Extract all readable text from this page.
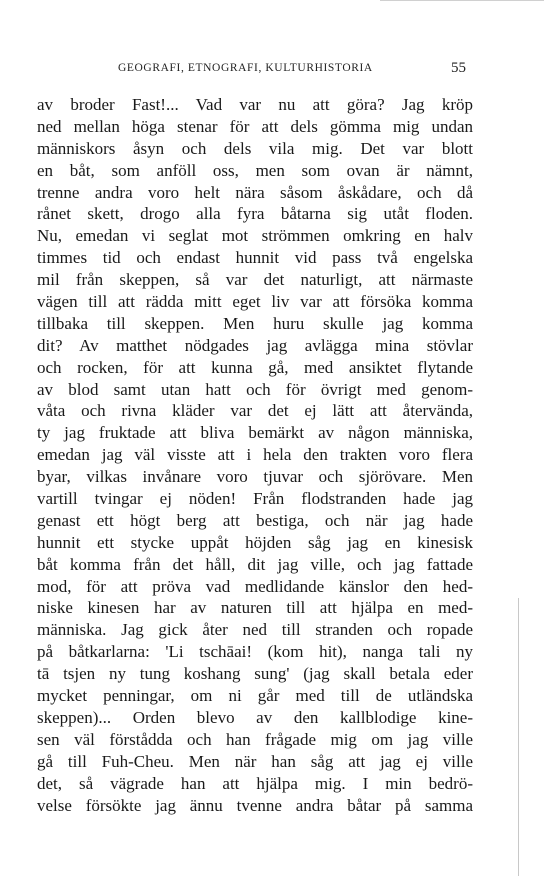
GEOGRAFI, ETNOGRAFI, KULTURHISTORIA	55
av broder Fast!... Vad var nu att göra? Jag kröp
ned mellan höga stenar för att dels gömma mig undan
människors åsyn och dels vila mig. Det var blott
en båt, som anföll oss, men som ovan är nämnt,
trenne andra voro helt nära såsom åskådare, och då
rånet skett, drogo alla fyra båtarna sig utåt floden.
Nu, emedan vi seglat mot strömmen omkring en halv
timmes tid och endast hunnit vid pass två engelska
mil från skeppen, så var det naturligt, att närmaste
vägen till att rädda mitt eget liv var att försöka komma
tillbaka till skeppen. Men huru skulle jag komma
dit? Av matthet nödgades jag avlägga mina stövlar
och rocken, för att kunna gå, med ansiktet flytande
av blod samt utan hatt och för övrigt med genom-
våta och rivna kläder var det ej lätt att återvända,
ty jag fruktade att bliva bemärkt av någon människa,
emedan jag väl visste att i hela den trakten voro flera
byar, vilkas invånare voro tjuvar och sjörövare. Men
vartill tvingar ej nöden! Från flodstranden hade jag
genast ett högt berg att bestiga, och när jag hade
hunnit ett stycke uppåt höjden såg jag en kinesisk
båt komma från det håll, dit jag ville, och jag fattade
mod, för att pröva vad medlidande känslor den hed-
niske kinesen har av naturen till att hjälpa en med-
människa. Jag gick åter ned till stranden och ropade
på båtkarlarna: 'Li tschāai! (kom hit), nanga tali ny
tā tsjen ny tung koshang sung' (jag skall betala eder
mycket penningar, om ni går med till de utländska
skeppen)... Orden blevo av den kallblodige kine-
sen väl förstådda och han frågade mig om jag ville
gå till Fuh-Cheu. Men när han såg att jag ej ville
det, så vägrade han att hjälpa mig. I min bedrö-
velse försökte jag ännu tvenne andra båtar på samma
